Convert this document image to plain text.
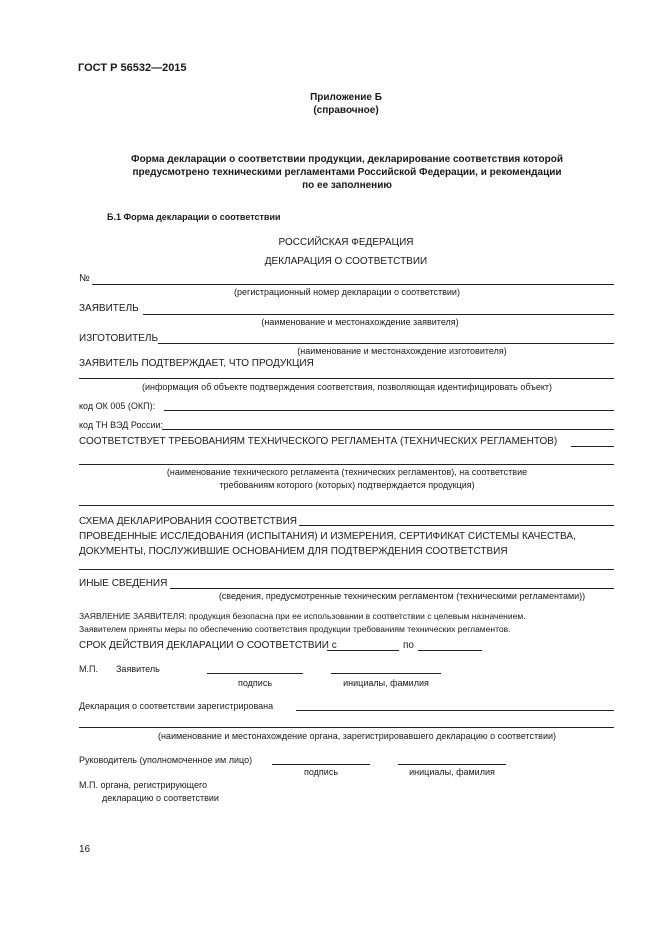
ГОСТ Р 56532—2015
Приложение Б
(справочное)
Форма декларации о соответствии продукции, декларирование соответствия которой
предусмотрено техническими регламентами Российской Федерации, и рекомендации
по ее заполнению
Б.1 Форма декларации о соответствии
РОССИЙСКАЯ ФЕДЕРАЦИЯ
ДЕКЛАРАЦИЯ О СООТВЕТСТВИИ
№
(регистрационный номер декларации о соответствии)
ЗАЯВИТЕЛЬ
(наименование и местонахождение заявителя)
ИЗГОТОВИТЕЛЬ
(наименование и местонахождение изготовителя)
ЗАЯВИТЕЛЬ ПОДТВЕРЖДАЕТ, ЧТО ПРОДУКЦИЯ
(информация об объекте подтверждения соответствия, позволяющая идентифицировать объект)
код ОК 005 (ОКП):
код ТН ВЭД России:
СООТВЕТСТВУЕТ ТРЕБОВАНИЯМ ТЕХНИЧЕСКОГО РЕГЛАМЕНТА (ТЕХНИЧЕСКИХ РЕГЛАМЕНТОВ)
(наименование технического регламента (технических регламентов), на соответствие
требованиям которого (которых) подтверждается продукция)
СХЕМА ДЕКЛАРИРОВАНИЯ СООТВЕТСТВИЯ
ПРОВЕДЕННЫЕ ИССЛЕДОВАНИЯ (ИСПЫТАНИЯ) И ИЗМЕРЕНИЯ, СЕРТИФИКАТ СИСТЕМЫ КАЧЕСТВА,
ДОКУМЕНТЫ, ПОСЛУЖИВШИЕ ОСНОВАНИЕМ ДЛЯ ПОДТВЕРЖДЕНИЯ СООТВЕТСТВИЯ
ИНЫЕ СВЕДЕНИЯ
(сведения, предусмотренные техническим регламентом (техническими регламентами))
ЗАЯВЛЕНИЕ ЗАЯВИТЕЛЯ: продукция безопасна при ее использовании в соответствии с целевым назначением.
Заявителем приняты меры по обеспечению соответствия продукции требованиям технических регламентов.
СРОК ДЕЙСТВИЯ ДЕКЛАРАЦИИ О СООТВЕТСТВИИ с	по
М.П. Заявитель
подпись	инициалы, фамилия
Декларация о соответствии зарегистрирована
(наименование и местонахождение органа, зарегистрировавшего декларацию о соответствии)
Руководитель (уполномоченное им лицо)
подпись	инициалы, фамилия
М.П. органа, регистрирующего
декларацию о соответствии
16
